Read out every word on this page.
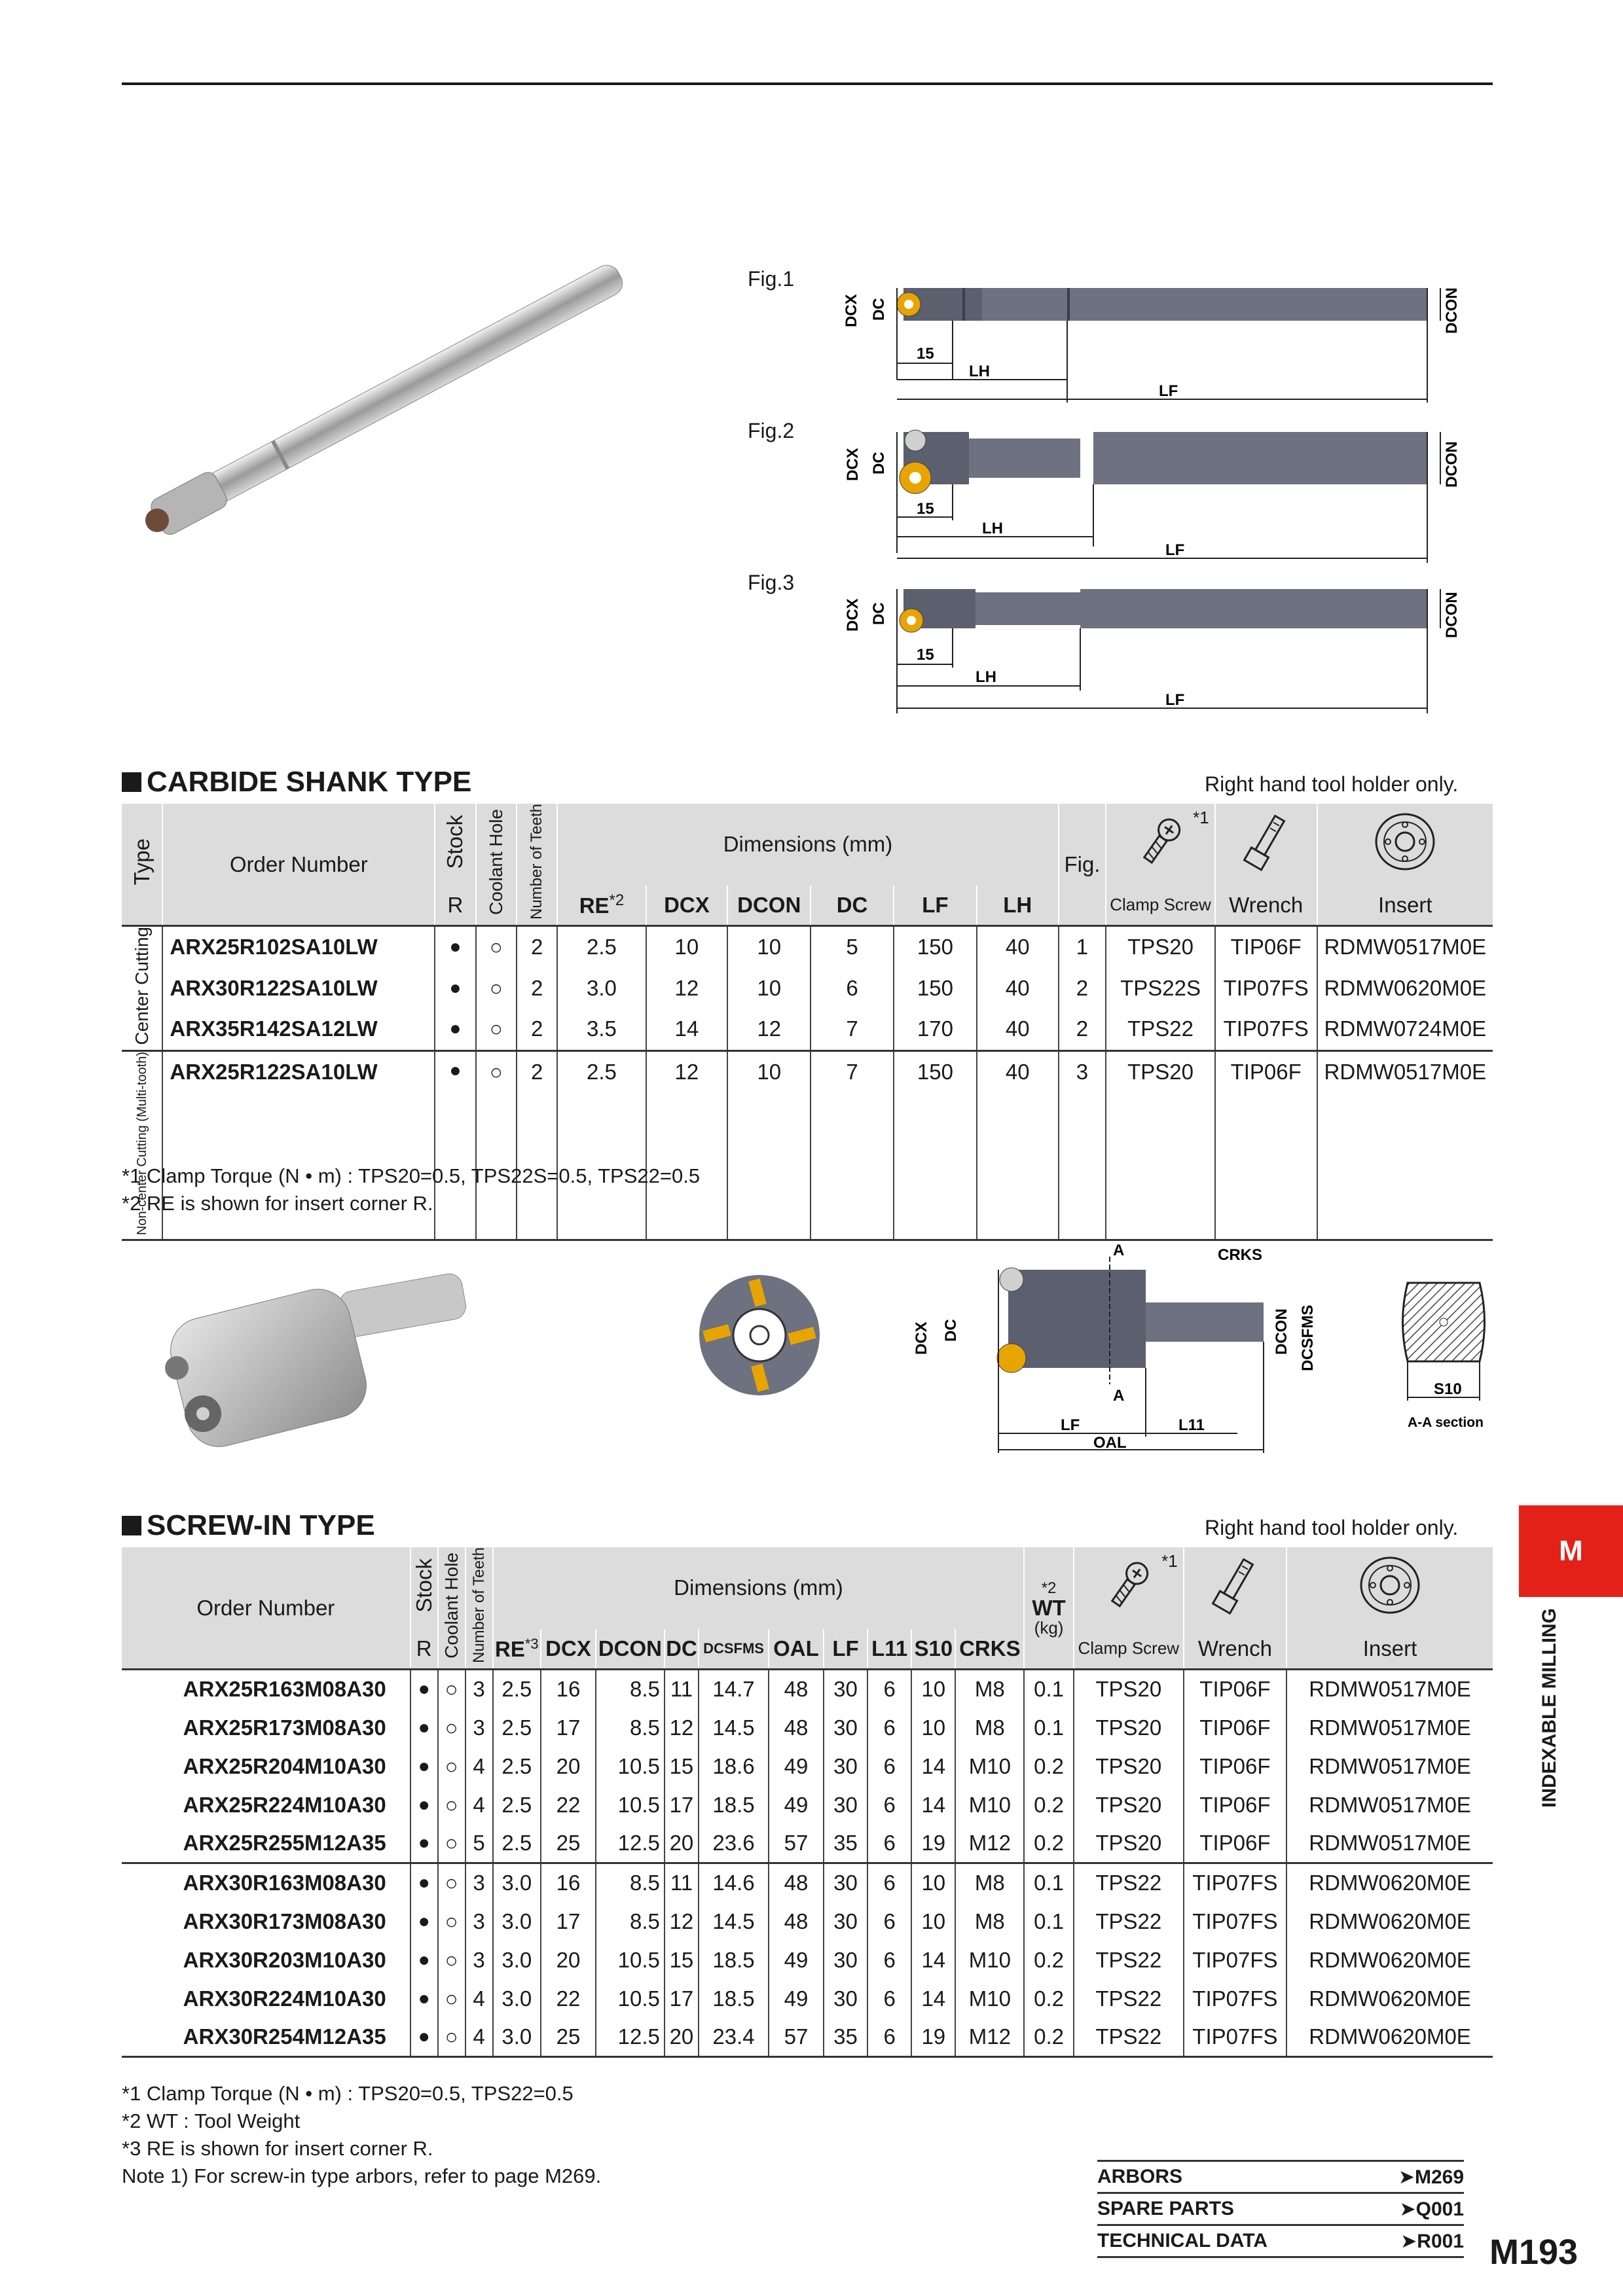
Fig.1
Fig.2
Fig.3
15
LH
LF
DCX DC	DCON
15
LH
LF
DCX DC	DCON
15
LH
LF
DCX DC	DCON
CARBIDE SHANK TYPE	Right hand tool holder only.
Type	Order Number	Stock	Coolant Hole	Number of Teeth	Dimensions (mm)						Fig.	*1

		R			RE$^{*2}$	DCX	DCON	DC	LF	LH		Clamp Screw	Wrench	Insert
Center Cutting	ARX25R102SA10LW	●	○	2	2.5	10	10	5	150	40	1	TPS20	TIP06F	RDMW0517M0E
	ARX30R122SA10LW	●	○	2	3.0	12	10	6	150	40	2	TPS22S	TIP07FS	RDMW0620M0E
	ARX35R142SA12LW	●	○	2	3.5	14	12	7	170	40	2	TPS22	TIP07FS	RDMW0724M0E
Non-center Cutting (Multi-tooth)	ARX25R122SA10LW	●	○	2	2.5	12	10	7	150	40	3	TPS20	TIP06F	RDMW0517M0E
*1 Clamp Torque (N • m) : TPS20=0.5, TPS22S=0.5, TPS22=0.5
*2 RE is shown for insert corner R.
A
A
CRKS
LF	L11
OAL
DCX DC	DCON DCSFMS
S10
A-A section
SCREW-IN TYPE	Right hand tool holder only.
Order Number	Stock	Coolant Hole	Number of Teeth	Dimensions (mm)										*2
WT
(kg)	*1

	R			RE$^{*3}$	DCX	DCON	DC	DCSFMS	OAL	LF	L11	S10	CRKS		Clamp Screw	Wrench	Insert
ARX25R163M08A30	●	○	3	2.5	16	8.5	11	14.7	48	30	6	10	M8	0.1	TPS20	TIP06F	RDMW0517M0E
ARX25R173M08A30	●	○	3	2.5	17	8.5	12	14.5	48	30	6	10	M8	0.1	TPS20	TIP06F	RDMW0517M0E
ARX25R204M10A30	●	○	4	2.5	20	10.5	15	18.6	49	30	6	14	M10	0.2	TPS20	TIP06F	RDMW0517M0E
ARX25R224M10A30	●	○	4	2.5	22	10.5	17	18.5	49	30	6	14	M10	0.2	TPS20	TIP06F	RDMW0517M0E
ARX25R255M12A35	●	○	5	2.5	25	12.5	20	23.6	57	35	6	19	M12	0.2	TPS20	TIP06F	RDMW0517M0E
ARX30R163M08A30	●	○	3	3.0	16	8.5	11	14.6	48	30	6	10	M8	0.1	TPS22	TIP07FS	RDMW0620M0E
ARX30R173M08A30	●	○	3	3.0	17	8.5	12	14.5	48	30	6	10	M8	0.1	TPS22	TIP07FS	RDMW0620M0E
ARX30R203M10A30	●	○	3	3.0	20	10.5	15	18.5	49	30	6	14	M10	0.2	TPS22	TIP07FS	RDMW0620M0E
ARX30R224M10A30	●	○	4	3.0	22	10.5	17	18.5	49	30	6	14	M10	0.2	TPS22	TIP07FS	RDMW0620M0E
ARX30R254M12A35	●	○	4	3.0	25	12.5	20	23.4	57	35	6	19	M12	0.2	TPS22	TIP07FS	RDMW0620M0E
*1 Clamp Torque (N • m) : TPS20=0.5, TPS22=0.5
*2 WT : Tool Weight
*3 RE is shown for insert corner R.
Note 1) For screw-in type arbors, refer to page M269.	ARBORS	➤M269
SPARE PARTS	➤Q001
TECHNICAL DATA	➤R001
M
INDEXABLE MILLING
M193
